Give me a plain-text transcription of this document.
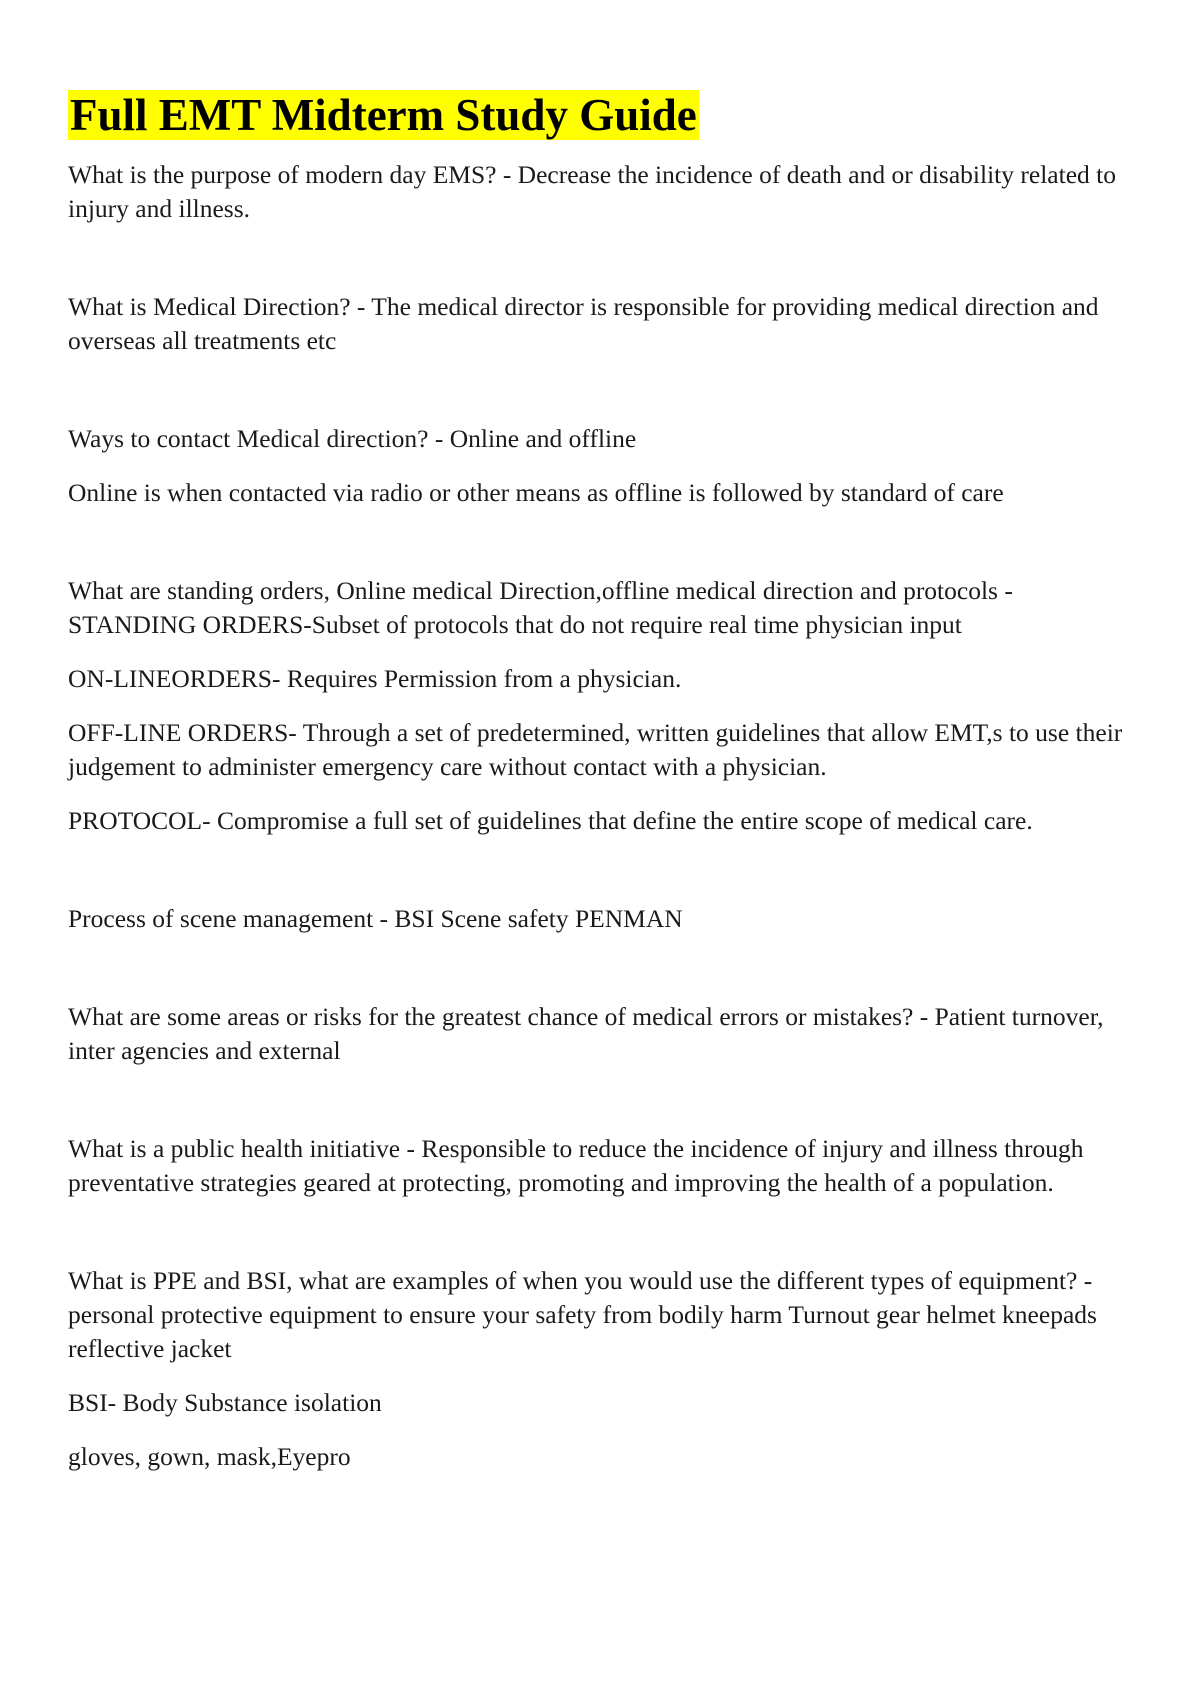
Full EMT Midterm Study Guide

What is the purpose of modern day EMS? - Decrease the incidence of death and or disability related to injury and illness.

What is Medical Direction? - The medical director is responsible for providing medical direction and overseas all treatments etc

Ways to contact Medical direction? - Online and offline

Online is when contacted via radio or other means as offline is followed by standard of care

What are standing orders, Online medical Direction,offline medical direction and protocols - STANDING ORDERS-Subset of protocols that do not require real time physician input

ON-LINEORDERS- Requires Permission from a physician.

OFF-LINE ORDERS- Through a set of predetermined, written guidelines that allow EMT,s to use their judgement to administer emergency care without contact with a physician.

PROTOCOL- Compromise a full set of guidelines that define the entire scope of medical care.

Process of scene management - BSI Scene safety PENMAN

What are some areas or risks for the greatest chance of medical errors or mistakes? - Patient turnover, inter agencies and external

What is a public health initiative - Responsible to reduce the incidence of injury and illness through preventative strategies geared at protecting, promoting and improving the health of a population.

What is PPE and BSI, what are examples of when you would use the different types of equipment? - personal protective equipment to ensure your safety from bodily harm Turnout gear helmet kneepads reflective jacket

BSI- Body Substance isolation

gloves, gown, mask,Eyepro
